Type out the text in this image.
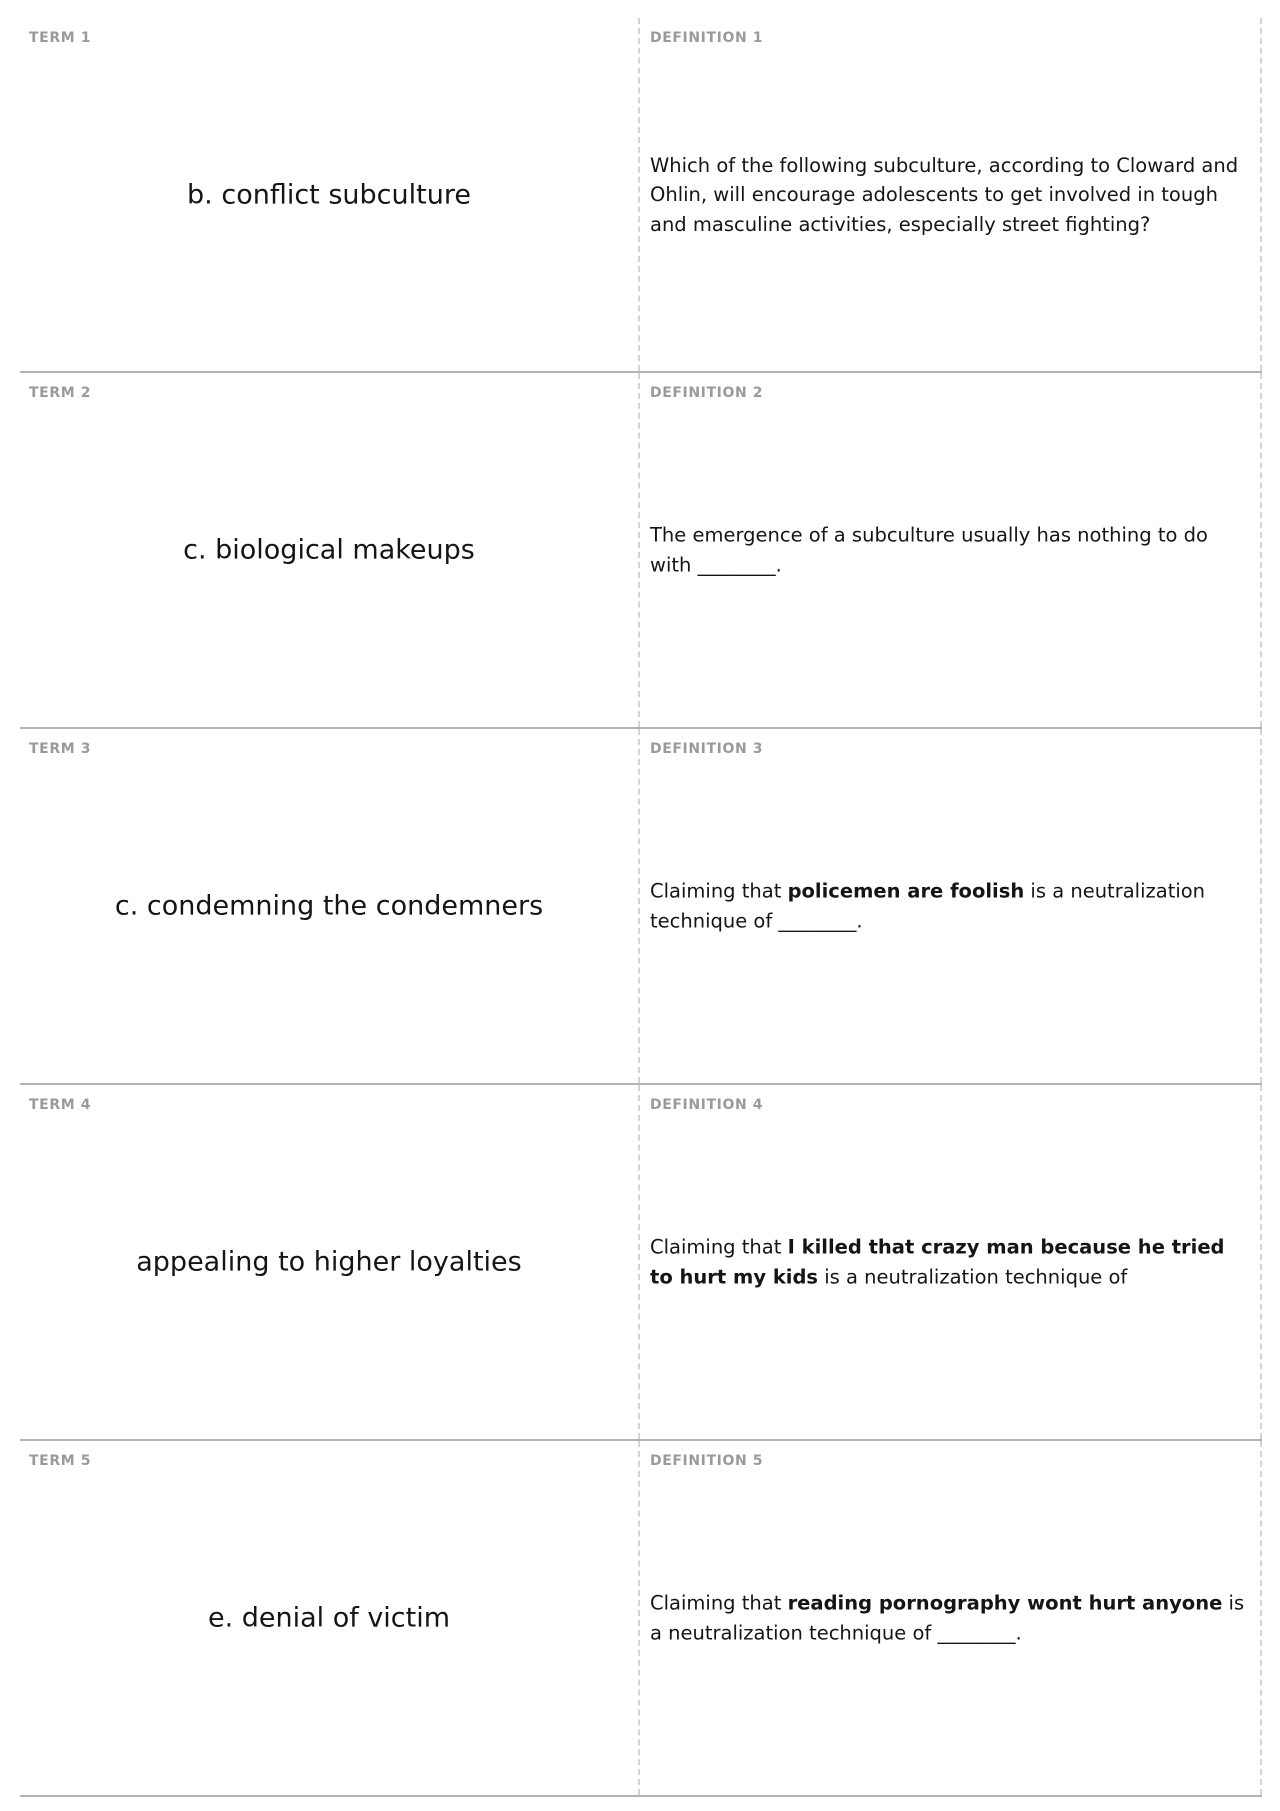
TERM 1
b. conflict subculture
DEFINITION 1
Which of the following subculture, according to Cloward and Ohlin, will encourage adolescents to get involved in tough and masculine activities, especially street fighting?
TERM 2
c. biological makeups
DEFINITION 2
The emergence of a subculture usually has nothing to do with ________.
TERM 3
c. condemning the condemners
DEFINITION 3
Claiming that policemen are foolish is a neutralization technique of ________.
TERM 4
appealing to higher loyalties
DEFINITION 4
Claiming that I killed that crazy man because he tried to hurt my kids is a neutralization technique of
TERM 5
e. denial of victim
DEFINITION 5
Claiming that reading pornography wont hurt anyone is a neutralization technique of ________.
